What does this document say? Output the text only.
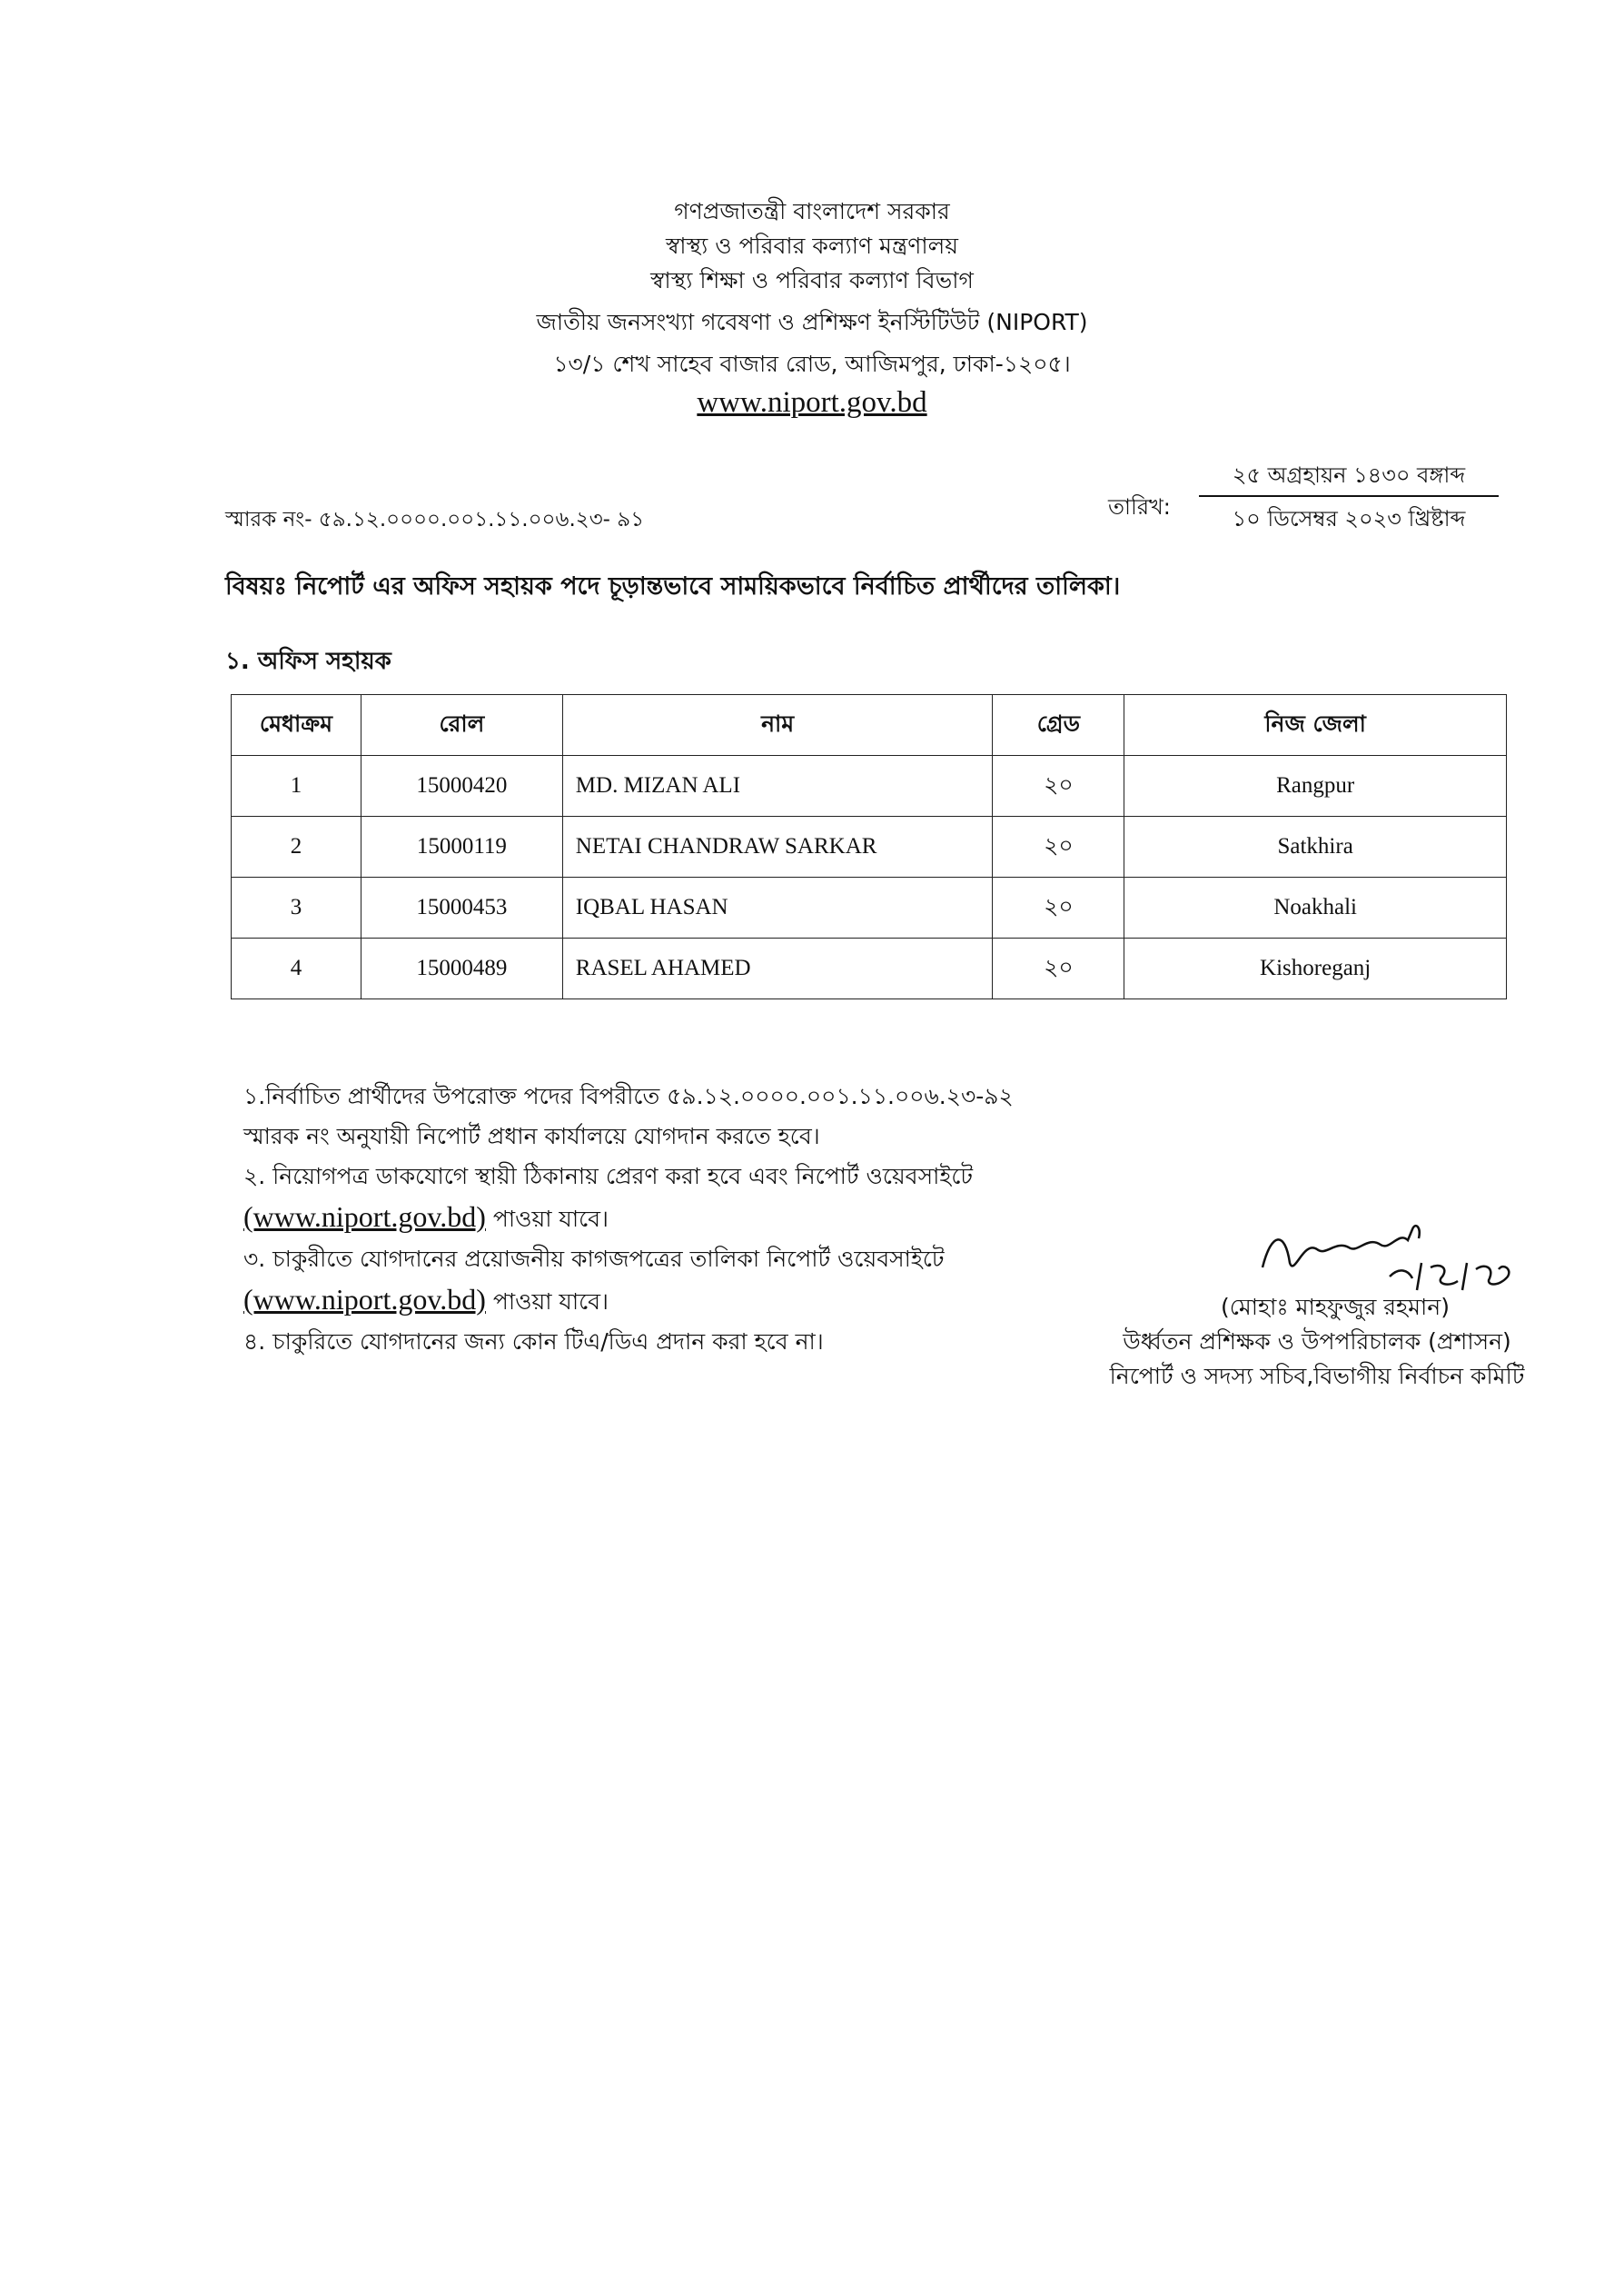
গণপ্রজাতন্ত্রী বাংলাদেশ সরকার
স্বাস্থ্য ও পরিবার কল্যাণ মন্ত্রণালয়
স্বাস্থ্য শিক্ষা ও পরিবার কল্যাণ বিভাগ
জাতীয় জনসংখ্যা গবেষণা ও প্রশিক্ষণ ইনস্টিটিউট (NIPORT)
১৩/১ শেখ সাহেব বাজার রোড, আজিমপুর, ঢাকা-১২০৫।
www.niport.gov.bd
স্মারক নং- ৫৯.১২.০০০০.০০১.১১.০০৬.২৩- ৯১	তারিখ:
২৫ অগ্রহায়ন ১৪৩০ বঙ্গাব্দ
১০ ডিসেম্বর ২০২৩ খ্রিষ্টাব্দ
বিষয়ঃ নিপোর্ট এর অফিস সহায়ক পদে চূড়ান্তভাবে সাময়িকভাবে নির্বাচিত প্রার্থীদের তালিকা।
১. অফিস সহায়ক
মেধাক্রম	রোল	নাম	গ্রেড	নিজ জেলা
1	15000420	MD. MIZAN ALI	২০	Rangpur
2	15000119	NETAI CHANDRAW SARKAR	২০	Satkhira
3	15000453	IQBAL HASAN	২০	Noakhali
4	15000489	RASEL AHAMED	২০	Kishoreganj
১.নির্বাচিত প্রার্থীদের উপরোক্ত পদের বিপরীতে ৫৯.১২.০০০০.০০১.১১.০০৬.২৩-৯২
স্মারক নং অনুযায়ী নিপোর্ট প্রধান কার্যালয়ে যোগদান করতে হবে।
২. নিয়োগপত্র ডাকযোগে স্থায়ী ঠিকানায় প্রেরণ করা হবে এবং নিপোর্ট ওয়েবসাইটে
(www.niport.gov.bd) পাওয়া যাবে।
৩. চাকুরীতে যোগদানের প্রয়োজনীয় কাগজপত্রের তালিকা নিপোর্ট ওয়েবসাইটে
(www.niport.gov.bd) পাওয়া যাবে।
৪. চাকুরিতে যোগদানের জন্য কোন টিএ/ডিএ প্রদান করা হবে না।
(মোহাঃ মাহফুজুর রহমান)
উর্ধ্বতন প্রশিক্ষক ও উপপরিচালক (প্রশাসন)
নিপোর্ট ও সদস্য সচিব,বিভাগীয় নির্বাচন কমিটি
